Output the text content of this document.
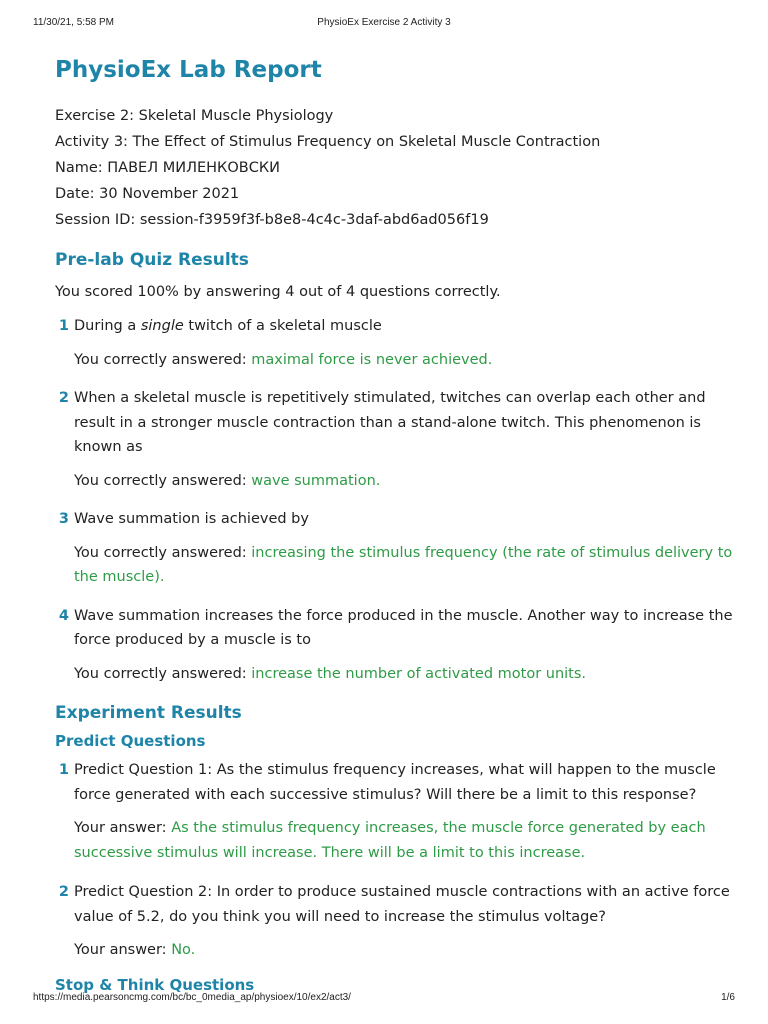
11/30/21, 5:58 PM	PhysioEx Exercise 2 Activity 3
PhysioEx Lab Report
Exercise 2: Skeletal Muscle Physiology
Activity 3: The Effect of Stimulus Frequency on Skeletal Muscle Contraction
Name: ПАВЕЛ МИЛЕНКОВСКИ
Date: 30 November 2021
Session ID: session-f3959f3f-b8e8-4c4c-3daf-abd6ad056f19
Pre-lab Quiz Results
You scored 100% by answering 4 out of 4 questions correctly.
1 During a single twitch of a skeletal muscle
You correctly answered: maximal force is never achieved.
2 When a skeletal muscle is repetitively stimulated, twitches can overlap each other and result in a stronger muscle contraction than a stand-alone twitch. This phenomenon is known as
You correctly answered: wave summation.
3 Wave summation is achieved by
You correctly answered: increasing the stimulus frequency (the rate of stimulus delivery to the muscle).
4 Wave summation increases the force produced in the muscle. Another way to increase the force produced by a muscle is to
You correctly answered: increase the number of activated motor units.
Experiment Results
Predict Questions
1 Predict Question 1: As the stimulus frequency increases, what will happen to the muscle force generated with each successive stimulus? Will there be a limit to this response?
Your answer: As the stimulus frequency increases, the muscle force generated by each successive stimulus will increase. There will be a limit to this increase.
2 Predict Question 2: In order to produce sustained muscle contractions with an active force value of 5.2, do you think you will need to increase the stimulus voltage?
Your answer: No.
Stop & Think Questions
https://media.pearsoncmg.com/bc/bc_0media_ap/physioex/10/ex2/act3/	1/6
